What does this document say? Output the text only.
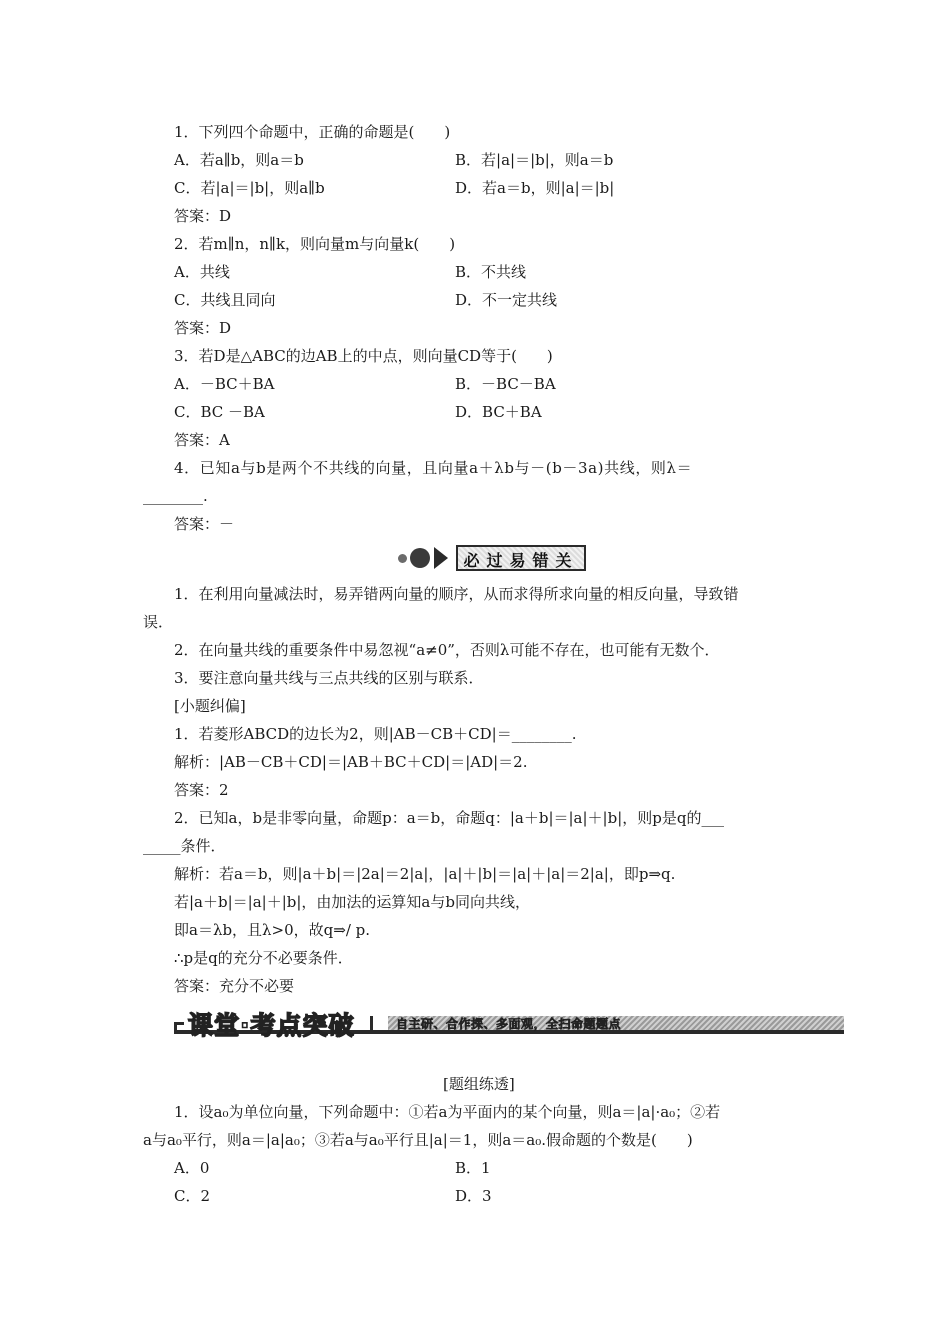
1．下列四个命题中，正确的命题是(　　)
A．若a∥b，则a＝b	B．若|a|＝|b|，则a＝b
C．若|a|＝|b|，则a∥b	D．若a＝b，则|a|＝|b|
答案：D
2．若m∥n，n∥k，则向量m与向量k(　　)
A．共线	B．不共线
C．共线且同向	D．不一定共线
答案：D
3．若D是△ABC的边AB上的中点，则向量CD等于(　　)
A．－BC＋BA	B．－BC－BA
C．BC －BA	D．BC＋BA
答案：A
4．已知a与b是两个不共线的向量，且向量a＋λb与－(b－3a)共线，则λ＝
________.
答案：－
必过易错关
1．在利用向量减法时，易弄错两向量的顺序，从而求得所求向量的相反向量，导致错
误．
2．在向量共线的重要条件中易忽视“a≠0”，否则λ可能不存在，也可能有无数个．
3．要注意向量共线与三点共线的区别与联系．
[小题纠偏]
1．若菱形ABCD的边长为2，则|AB－CB＋CD|＝________.
解析：|AB－CB＋CD|＝|AB＋BC＋CD|＝|AD|＝2.
答案：2
2．已知a，b是非零向量，命题p：a＝b，命题q：|a＋b|＝|a|＋|b|，则p是q的___
_____条件．
解析：若a＝b，则|a＋b|＝|2a|＝2|a|，|a|＋|b|＝|a|＋|a|＝2|a|，即p⇒q.
若|a＋b|＝|a|＋|b|，由加法的运算知a与b同向共线，
即a＝λb，且λ>0，故q⇒/ p.
∴p是q的充分不必要条件．
答案：充分不必要
课堂·考点突破	自主研、合作探、多面观，全扫命题题点
[题组练透]
1．设a₀为单位向量，下列命题中：①若a为平面内的某个向量，则a＝|a|·a₀；②若
a与a₀平行，则a＝|a|a₀；③若a与a₀平行且|a|＝1，则a＝a₀.假命题的个数是(　　)
A．0	B．1
C．2	D．3
